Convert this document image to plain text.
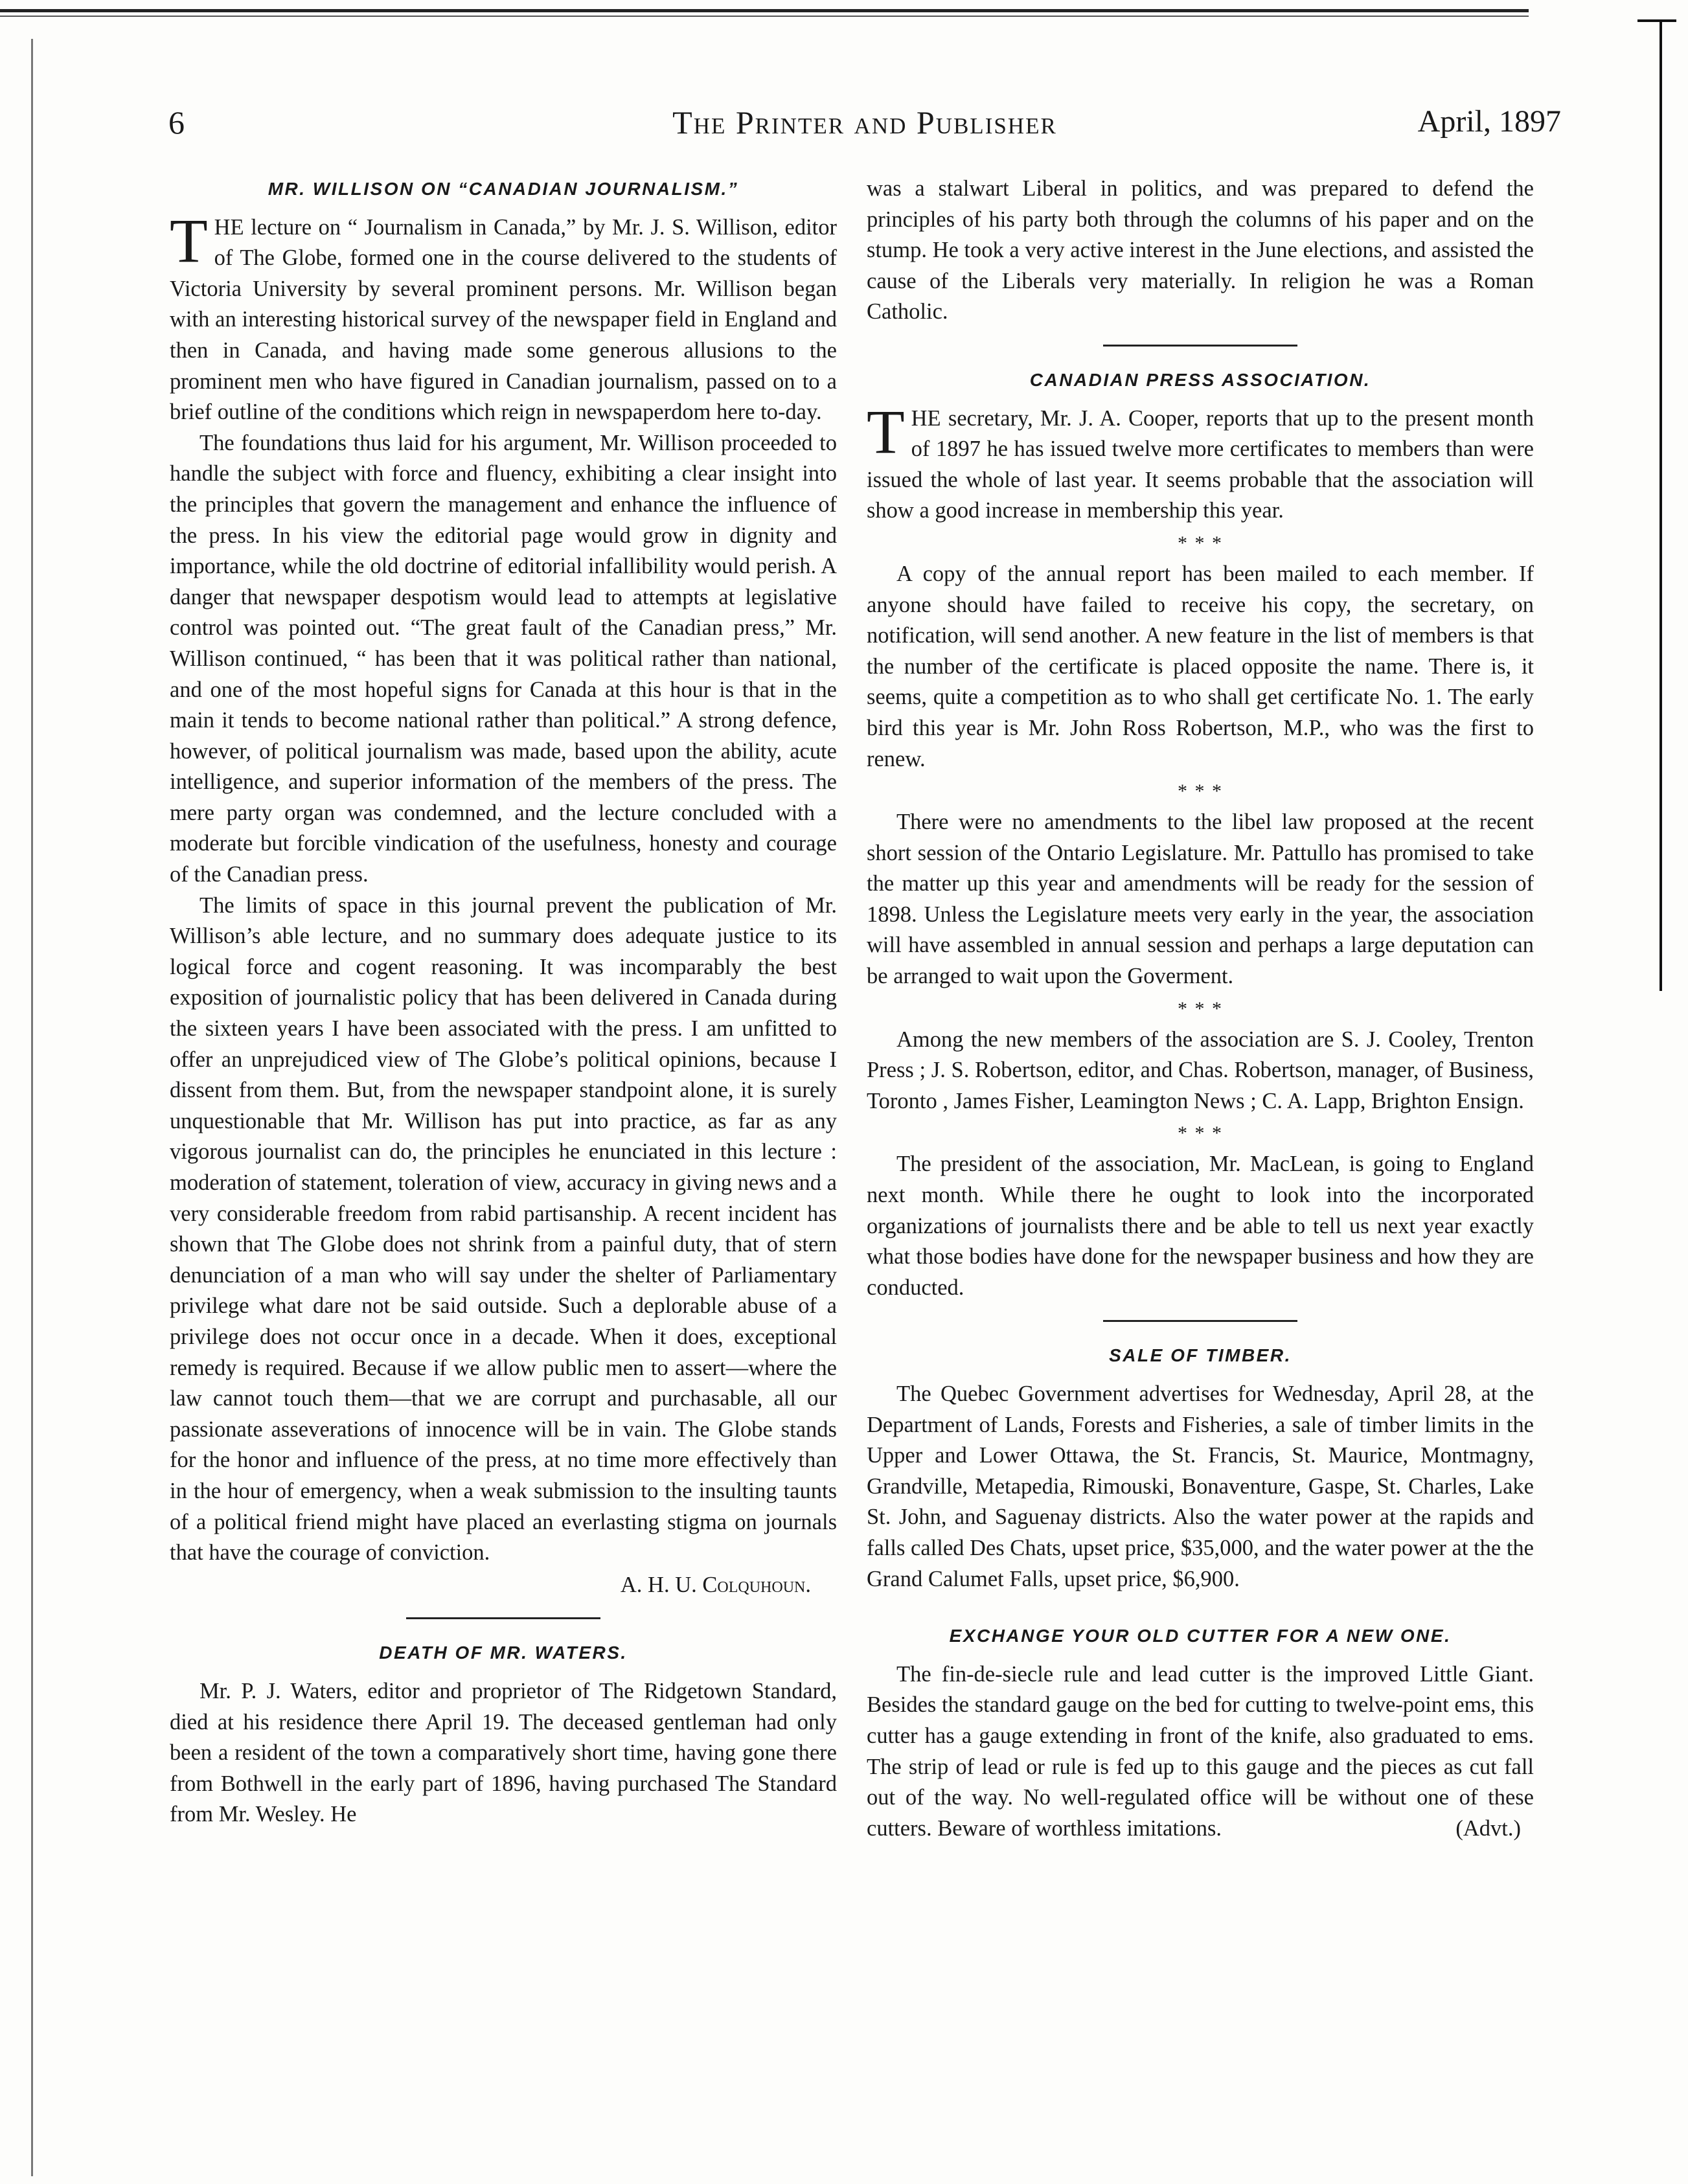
6	The Printer and Publisher	April, 1897
MR. WILLISON ON “CANADIAN JOURNALISM.”

THE lecture on “ Journalism in Canada,” by Mr. J. S. Willison, editor of The Globe, formed one in the course delivered to the students of Victoria University by several prominent persons. Mr. Willison began with an interesting historical survey of the newspaper field in England and then in Canada, and having made some generous allusions to the prominent men who have figured in Canadian journalism, passed on to a brief outline of the conditions which reign in newspaperdom here to-day.

The foundations thus laid for his argument, Mr. Willison proceeded to handle the subject with force and fluency, exhibiting a clear insight into the principles that govern the management and enhance the influence of the press. In his view the editorial page would grow in dignity and importance, while the old doctrine of editorial infallibility would perish. A danger that newspaper despotism would lead to attempts at legislative control was pointed out. “The great fault of the Canadian press,” Mr. Willison continued, “ has been that it was political rather than national, and one of the most hopeful signs for Canada at this hour is that in the main it tends to become national rather than political.” A strong defence, however, of political journalism was made, based upon the ability, acute intelligence, and superior information of the members of the press. The mere party organ was condemned, and the lecture concluded with a moderate but forcible vindication of the usefulness, honesty and courage of the Canadian press.

The limits of space in this journal prevent the publication of Mr. Willison’s able lecture, and no summary does adequate justice to its logical force and cogent reasoning. It was incomparably the best exposition of journalistic policy that has been delivered in Canada during the sixteen years I have been associated with the press. I am unfitted to offer an unprejudiced view of The Globe’s political opinions, because I dissent from them. But, from the newspaper standpoint alone, it is surely unquestionable that Mr. Willison has put into practice, as far as any vigorous journalist can do, the principles he enunciated in this lecture : moderation of statement, toleration of view, accuracy in giving news and a very considerable freedom from rabid partisanship. A recent incident has shown that The Globe does not shrink from a painful duty, that of stern denunciation of a man who will say under the shelter of Parliamentary privilege what dare not be said outside. Such a deplorable abuse of a privilege does not occur once in a decade. When it does, exceptional remedy is required. Because if we allow public men to assert—where the law cannot touch them—that we are corrupt and purchasable, all our passionate asseverations of innocence will be in vain. The Globe stands for the honor and influence of the press, at no time more effectively than in the hour of emergency, when a weak submission to the insulting taunts of a political friend might have placed an everlasting stigma on journals that have the courage of conviction.

A. H. U. Colquhoun.
DEATH OF MR. WATERS.

Mr. P. J. Waters, editor and proprietor of The Ridgetown Standard, died at his residence there April 19. The deceased gentleman had only been a resident of the town a comparatively short time, having gone there from Bothwell in the early part of 1896, having purchased The Standard from Mr. Wesley. He

was a stalwart Liberal in politics, and was prepared to defend the principles of his party both through the columns of his paper and on the stump. He took a very active interest in the June elections, and assisted the cause of the Liberals very materially. In religion he was a Roman Catholic.

CANADIAN PRESS ASSOCIATION.

THE secretary, Mr. J. A. Cooper, reports that up to the present month of 1897 he has issued twelve more certificates to members than were issued the whole of last year. It seems probable that the association will show a good increase in membership this year.

* * *

A copy of the annual report has been mailed to each member. If anyone should have failed to receive his copy, the secretary, on notification, will send another. A new feature in the list of members is that the number of the certificate is placed opposite the name. There is, it seems, quite a competition as to who shall get certificate No. 1. The early bird this year is Mr. John Ross Robertson, M.P., who was the first to renew.

* * *

There were no amendments to the libel law proposed at the recent short session of the Ontario Legislature. Mr. Pattullo has promised to take the matter up this year and amendments will be ready for the session of 1898. Unless the Legislature meets very early in the year, the association will have assembled in annual session and perhaps a large deputation can be arranged to wait upon the Goverment.

* * *

Among the new members of the association are S. J. Cooley, Trenton Press ; J. S. Robertson, editor, and Chas. Robertson, manager, of Business, Toronto , James Fisher, Leamington News ; C. A. Lapp, Brighton Ensign.

* * *

The president of the association, Mr. MacLean, is going to England next month. While there he ought to look into the incorporated organizations of journalists there and be able to tell us next year exactly what those bodies have done for the newspaper business and how they are conducted.

SALE OF TIMBER.

The Quebec Government advertises for Wednesday, April 28, at the Department of Lands, Forests and Fisheries, a sale of timber limits in the Upper and Lower Ottawa, the St. Francis, St. Maurice, Montmagny, Grandville, Metapedia, Rimouski, Bonaventure, Gaspe, St. Charles, Lake St. John, and Saguenay districts. Also the water power at the rapids and falls called Des Chats, upset price, $35,000, and the water power at the the Grand Calumet Falls, upset price, $6,900.

EXCHANGE YOUR OLD CUTTER FOR A NEW ONE.

The fin-de-siecle rule and lead cutter is the improved Little Giant. Besides the standard gauge on the bed for cutting to twelve-point ems, this cutter has a gauge extending in front of the knife, also graduated to ems. The strip of lead or rule is fed up to this gauge and the pieces as cut fall out of the way. No well-regulated office will be without one of these cutters. Beware of worthless imitations.	(Advt.)
